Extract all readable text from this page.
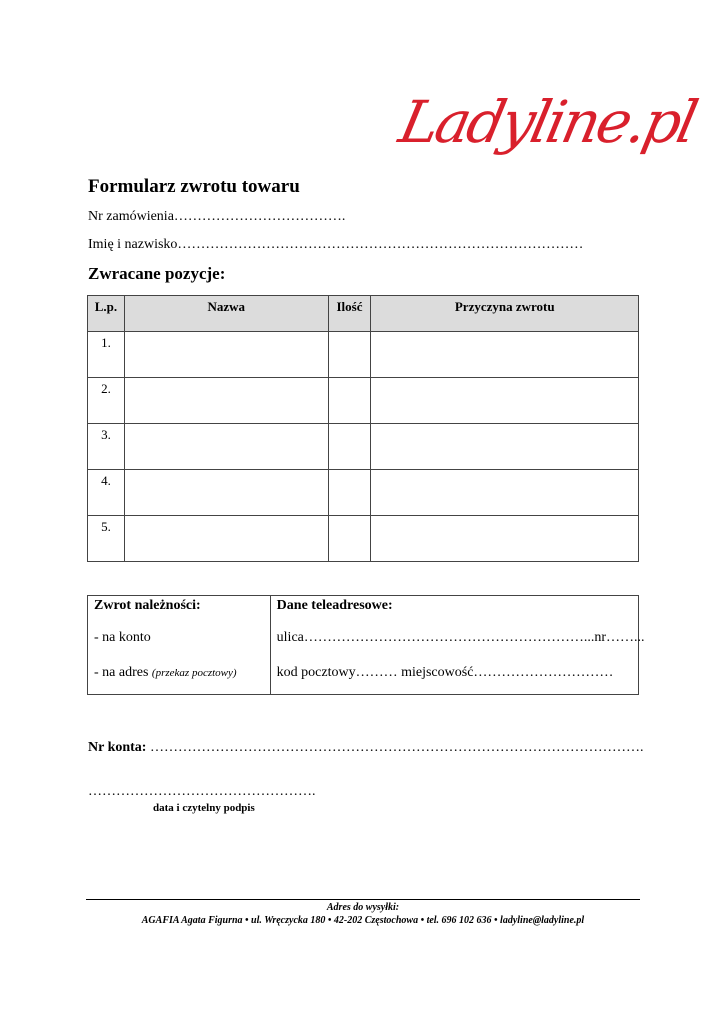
Ladyline.pl
Formularz zwrotu towaru
Nr zamówienia……………………………….
Imię i nazwisko……………………………………………………………………………
Zwracane pozycje:
L.p.	Nazwa	Ilość	Przyczyna zwrotu
1.			
2.			
3.			
4.			
5.			
Zwrot należności:
- na konto
- na adres (przekaz pocztowy)

Dane teleadresowe:
ulica……………………………………………………...nr……...
kod pocztowy……… miejscowość…………………………
Nr konta: …………………………………………………………………………………………….
………………………………………….
data i czytelny podpis
Adres do wysyłki:
AGAFIA Agata Figurna • ul. Wręczycka 180 • 42-202 Częstochowa • tel. 696 102 636 • ladyline@ladyline.pl
